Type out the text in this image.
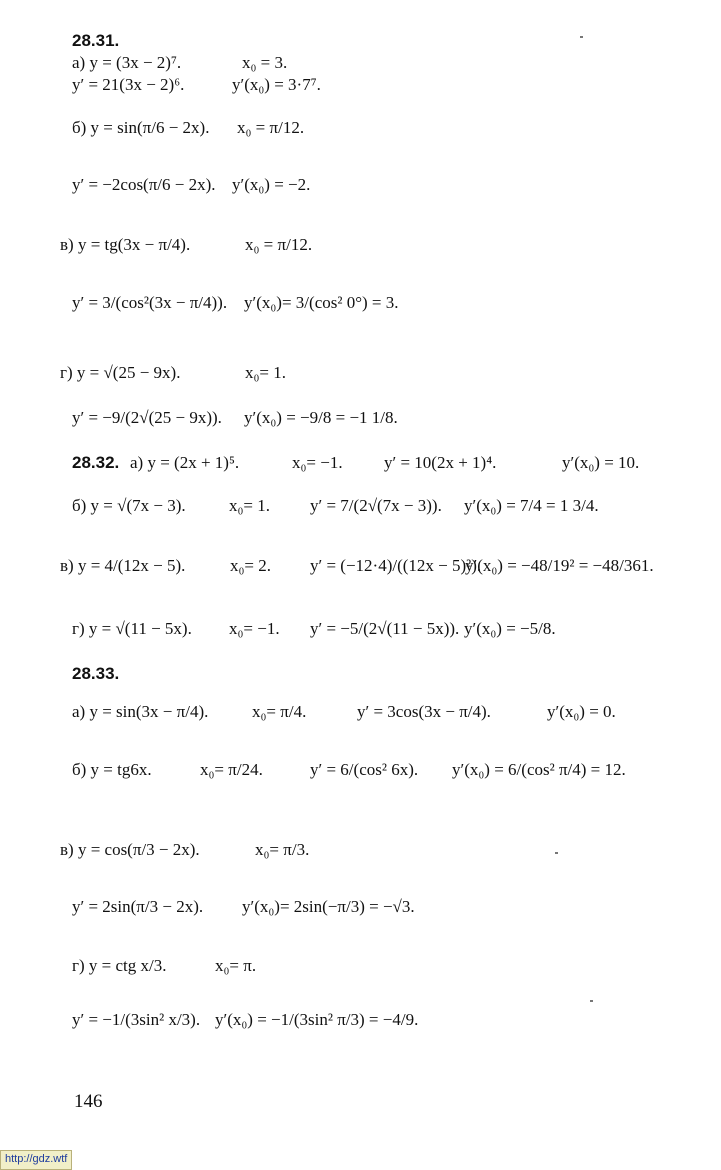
28.31.
а) y = (3x − 2)⁷.	x₀ = 3.
y′ = 21(3x − 2)⁶.	y′(x₀) = 3·7⁷.
б) y = sin(π/6 − 2x). x₀ = π/12.
y′ = −2cos(π/6 − 2x). y′(x₀) = −2.
в) y = tg(3x − π/4).	x₀ = π/12.
y′ = 3/(cos²(3x − π/4)). y′(x₀)= 3/(cos² 0°) = 3.
г) y = √(25 − 9x).	x₀= 1.
y′ = −9/(2√(25 − 9x)). y′(x₀) = −9/8 = −1 1/8.
28.32. а) y = (2x + 1)⁵.	x₀= −1. y′ = 10(2x + 1)⁴.	y′(x₀) = 10.
б) y = √(7x − 3).	x₀= 1. y′ = 7/(2√(7x − 3)). y′(x₀) = 7/4 = 1 3/4.
в) y = 4/(12x − 5).	x₀= 2. y′ = (−12·4)/((12x − 5)²).
y′(x₀) = −48/19² = −48/361.
г) y = √(11 − 5x). x₀= −1. y′ = −5/(2√(11 − 5x)). y′(x₀) = −5/8.
28.33.
а) y = sin(3x − π/4).	x₀= π/4.	y′ = 3cos(3x − π/4).	y′(x₀) = 0.
б) y = tg6x.	x₀= π/24.	y′ = 6/(cos² 6x). y′(x₀) = 6/(cos² π/4) = 12.
в) y = cos(π/3 − 2x).	x₀= π/3.
y′ = 2sin(π/3 − 2x). y′(x₀)= 2sin(−π/3) = −√3.
г) y = ctg x/3.	x₀= π.
y′ = −1/(3sin² x/3). y′(x₀) = −1/(3sin² π/3) = −4/9.
146
http://gdz.wtf
